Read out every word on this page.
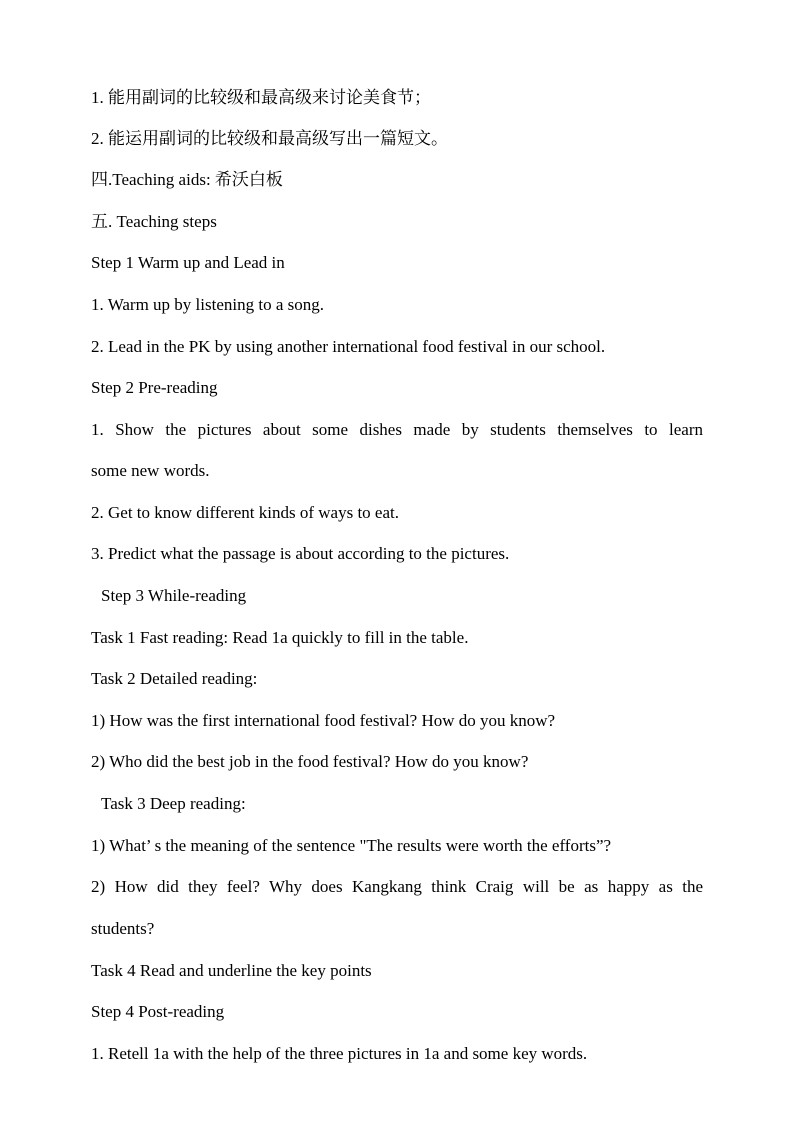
1. 能用副词的比较级和最高级来讨论美食节；
2. 能运用副词的比较级和最高级写出一篇短文。
四.Teaching aids: 希沃白板
五. Teaching steps
Step 1 Warm up and Lead in
1. Warm up by listening to a song.
2. Lead in the PK by using another international food festival in our school.
Step 2 Pre-reading
1. Show the pictures about some dishes made by students themselves to learn
some new words.
2. Get to know different kinds of ways to eat.
3. Predict what the passage is about according to the pictures.
Step 3 While-reading
Task 1 Fast reading: Read 1a quickly to fill in the table.
Task 2 Detailed reading:
1) How was the first international food festival? How do you know?
2) Who did the best job in the food festival? How do you know?
Task 3 Deep reading:
1) What’ s the meaning of the sentence "The results were worth the efforts”?
2) How did they feel? Why does Kangkang think Craig will be as happy as the
students?
Task 4 Read and underline the key points
Step 4 Post-reading
1. Retell 1a with the help of the three pictures in 1a and some key words.
